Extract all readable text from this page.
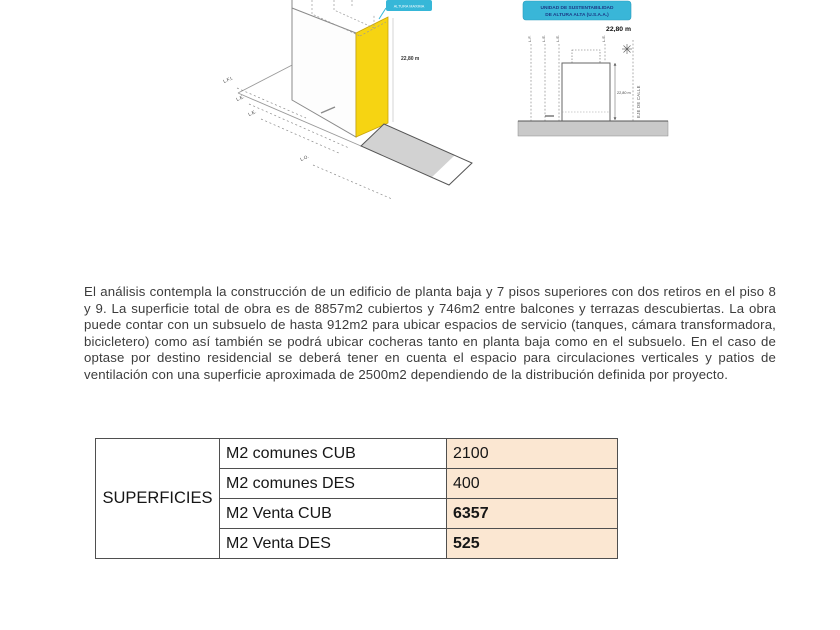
L.F.I.
L.E.
L.E.
L.O.
ALTURA MAXIMA
22,80 m
UNIDAD DE SUSTENTABILIDAD
DE ALTURA ALTA (U.S.A.A.)
22,80 m
L.F. L.E. L.E.	L.E.
22,80 m EJE DE CALLE
El análisis contempla la construcción de un edificio de planta baja y 7 pisos superiores con dos retiros en el piso 8 y 9. La superficie total de obra es de 8857m2 cubiertos y 746m2 entre balcones y terrazas descubiertas. La obra puede contar con un subsuelo de hasta 912m2 para ubicar espacios de servicio (tanques, cámara transformadora, bicicletero) como así también se podrá ubicar cocheras tanto en planta baja como en el subsuelo. En el caso de optase por destino residencial se deberá tener en cuenta el espacio para circulaciones verticales y patios de ventilación con una superficie aproximada de 2500m2 dependiendo de la distribución definida por proyecto.
SUPERFICIES	M2 comunes CUB	2100
	M2 comunes DES	400
	M2 Venta CUB	6357
	M2 Venta DES	525
